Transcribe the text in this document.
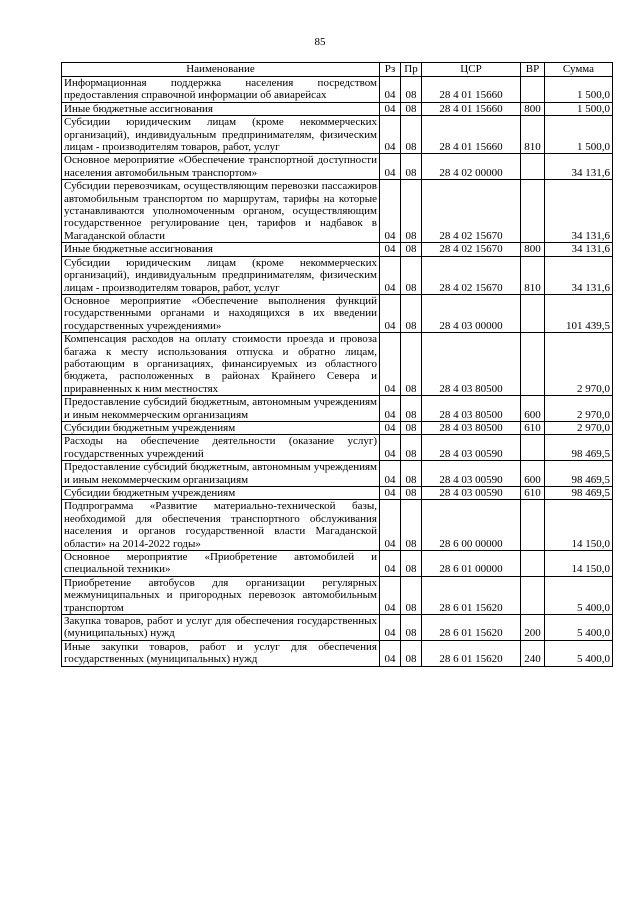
85
Наименование	Рз	Пр	ЦСР	ВР	Сумма
Информационная поддержка населения посредством предоставления справочной информации об авиарейсах	04	08	28 4 01 15660		1 500,0
Иные бюджетные ассигнования	04	08	28 4 01 15660	800	1 500,0
Субсидии юридическим лицам (кроме некоммерческих организаций), индивидуальным предпринимателям, физическим лицам - производителям товаров, работ, услуг	04	08	28 4 01 15660	810	1 500,0
Основное мероприятие «Обеспечение транспортной доступности населения автомобильным транспортом»	04	08	28 4 02 00000		34 131,6
Субсидии перевозчикам, осуществляющим перевозки пассажиров автомобильным транспортом по маршрутам, тарифы на которые устанавливаются уполномоченным органом, осуществляющим государственное регулирование цен, тарифов и надбавок в Магаданской области	04	08	28 4 02 15670		34 131,6
Иные бюджетные ассигнования	04	08	28 4 02 15670	800	34 131,6
Субсидии юридическим лицам (кроме некоммерческих организаций), индивидуальным предпринимателям, физическим лицам - производителям товаров, работ, услуг	04	08	28 4 02 15670	810	34 131,6
Основное мероприятие «Обеспечение выполнения функций государственными органами и находящихся в их введении государственных учреждениями»	04	08	28 4 03 00000		101 439,5
Компенсация расходов на оплату стоимости проезда и провоза багажа к месту использования отпуска и обратно лицам, работающим в организациях, финансируемых из областного бюджета, расположенных в районах Крайнего Севера и приравненных к ним местностях	04	08	28 4 03 80500		2 970,0
Предоставление субсидий бюджетным, автономным учреждениям и иным некоммерческим организациям	04	08	28 4 03 80500	600	2 970,0
Субсидии бюджетным учреждениям	04	08	28 4 03 80500	610	2 970,0
Расходы на обеспечение деятельности (оказание услуг) государственных учреждений	04	08	28 4 03 00590		98 469,5
Предоставление субсидий бюджетным, автономным учреждениям и иным некоммерческим организациям	04	08	28 4 03 00590	600	98 469,5
Субсидии бюджетным учреждениям	04	08	28 4 03 00590	610	98 469,5
Подпрограмма «Развитие материально-технической базы, необходимой для обеспечения транспортного обслуживания населения и органов государственной власти Магаданской области» на 2014-2022 годы»	04	08	28 6 00 00000		14 150,0
Основное мероприятие «Приобретение автомобилей и специальной техники»	04	08	28 6 01 00000		14 150,0
Приобретение автобусов для организации регулярных межмуниципальных и пригородных перевозок автомобильным транспортом	04	08	28 6 01 15620		5 400,0
Закупка товаров, работ и услуг для обеспечения государственных (муниципальных) нужд	04	08	28 6 01 15620	200	5 400,0
Иные закупки товаров, работ и услуг для обеспечения государственных (муниципальных) нужд	04	08	28 6 01 15620	240	5 400,0
